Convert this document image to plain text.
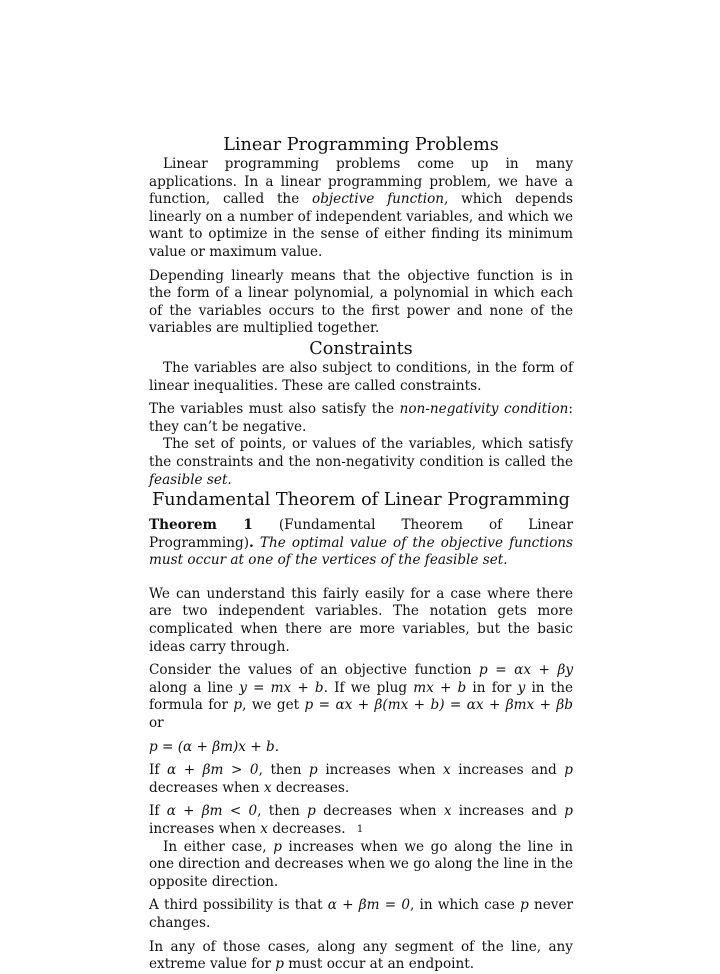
Linear Programming Problems

Linear programming problems come up in many applications. In a linear programming problem, we have a function, called the objective function, which depends linearly on a number of independent variables, and which we want to optimize in the sense of either finding its minimum value or maximum value.

Depending linearly means that the objective function is in the form of a linear polynomial, a polynomial in which each of the variables occurs to the first power and none of the variables are multiplied together.

Constraints

The variables are also subject to conditions, in the form of linear inequalities. These are called constraints.

The variables must also satisfy the non-negativity condition: they can’t be negative.

The set of points, or values of the variables, which satisfy the constraints and the non-negativity condition is called the feasible set.

Fundamental Theorem of Linear Programming

Theorem 1 (Fundamental Theorem of Linear Programming). The optimal value of the objective functions must occur at one of the vertices of the feasible set.

We can understand this fairly easily for a case where there are two independent variables. The notation gets more complicated when there are more variables, but the basic ideas carry through.

Consider the values of an objective function p = αx + βy along a line y = mx + b. If we plug mx + b in for y in the formula for p, we get p = αx + β(mx + b) = αx + βmx + βb or

p = (α + βm)x + b.

If α + βm > 0, then p increases when x increases and p decreases when x decreases.

If α + βm < 0, then p decreases when x increases and p increases when x decreases.

In either case, p increases when we go along the line in one direction and decreases when we go along the line in the opposite direction.

A third possibility is that α + βm = 0, in which case p never changes.

In any of those cases, along any segment of the line, any extreme value for p must occur at an endpoint.

1
